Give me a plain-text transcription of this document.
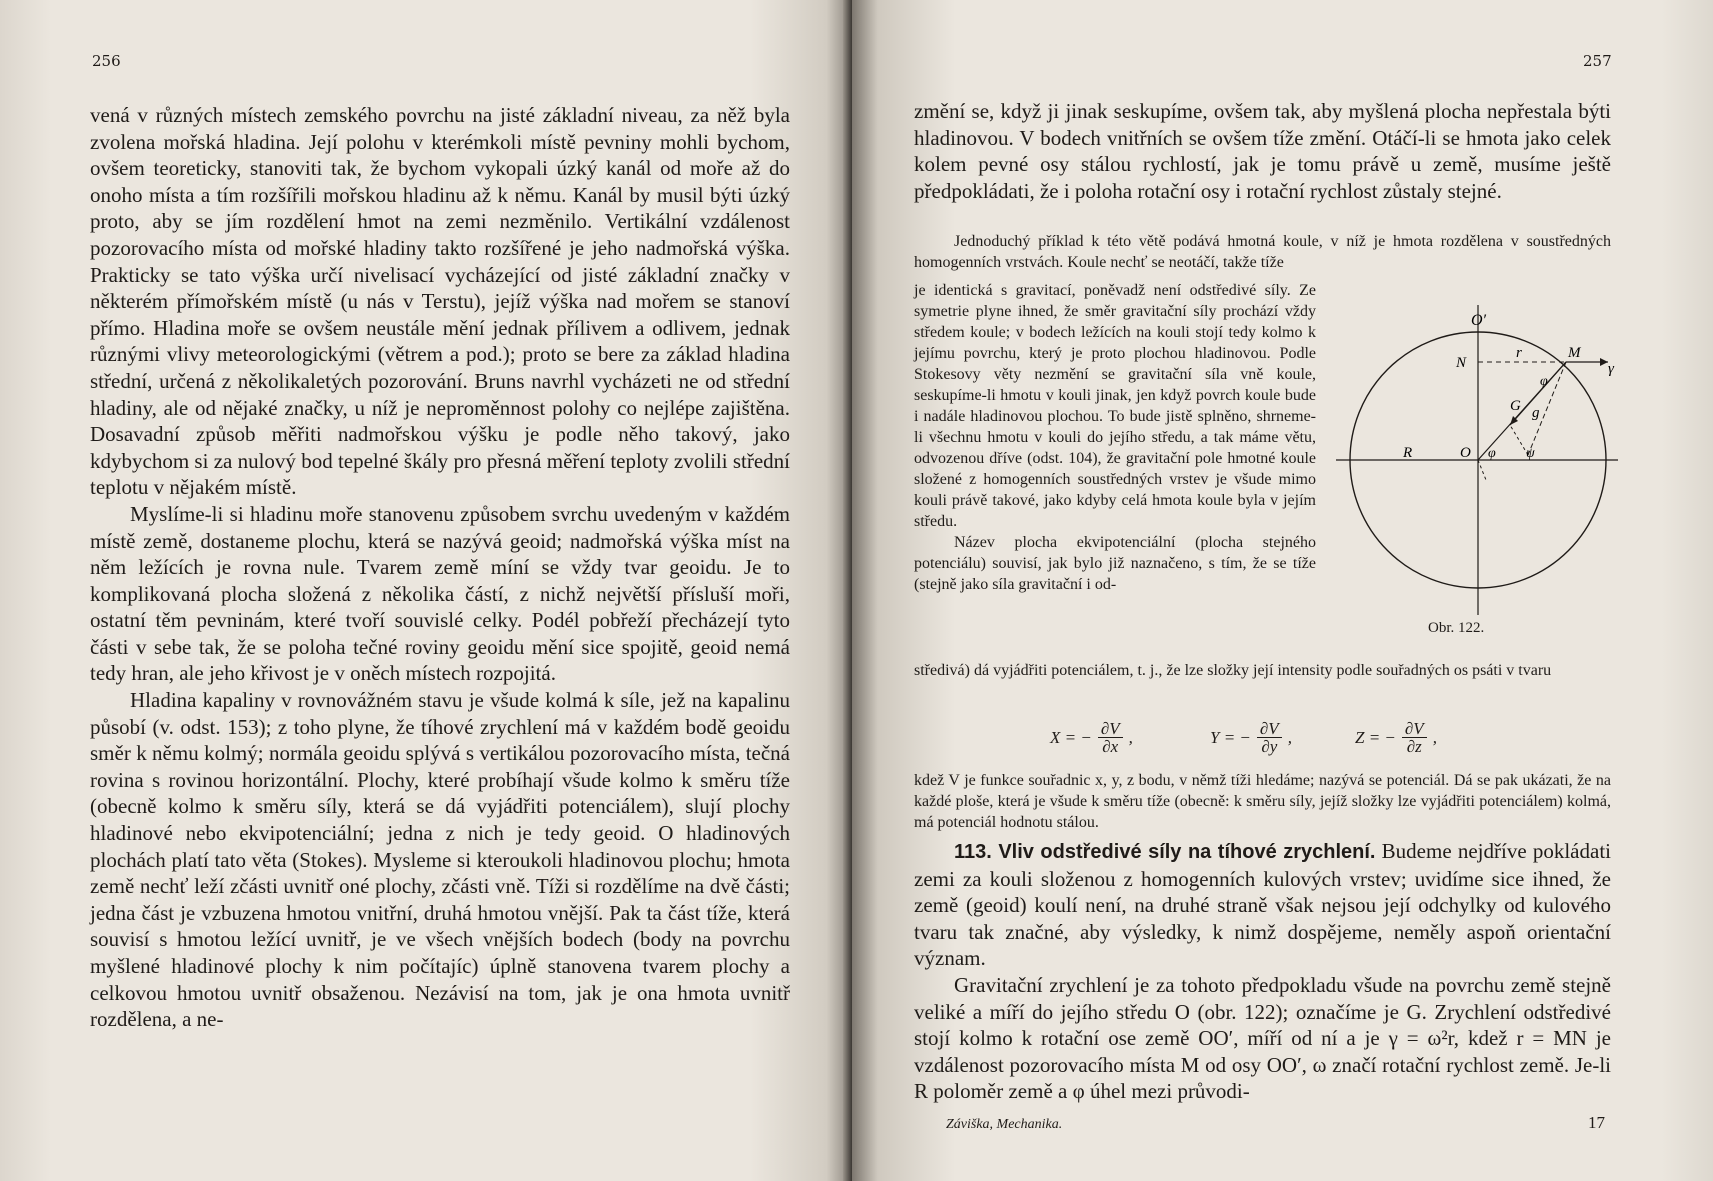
256

vená v různých místech zemského povrchu na jisté základní niveau, za něž byla zvolena mořská hladina. Její polohu v kterémkoli místě pevniny mohli bychom, ovšem teoreticky, stanoviti tak, že bychom vykopali úzký kanál od moře až do onoho místa a tím rozšířili mořskou hladinu až k němu. Kanál by musil býti úzký proto, aby se jím rozdělení hmot na zemi nezměnilo. Vertikální vzdálenost pozorovacího místa od mořské hladiny takto rozšířené je jeho nadmořská výška. Prakticky se tato výška určí nivelisací vycházející od jisté základní značky v některém přímořském místě (u nás v Terstu), jejíž výška nad mořem se stanoví přímo. Hladina moře se ovšem neustále mění jednak přílivem a odlivem, jednak různými vlivy meteorologickými (větrem a pod.); proto se bere za základ hladina střední, určená z několikaletých pozorování. Bruns navrhl vycházeti ne od střední hladiny, ale od nějaké značky, u níž je neproměnnost polohy co nejlépe zajištěna. Dosavadní způsob měřiti nadmořskou výšku je podle něho takový, jako kdybychom si za nulový bod tepelné škály pro přesná měření teploty zvolili střední teplotu v nějakém místě.

Myslíme-li si hladinu moře stanovenu způsobem svrchu uvedeným v každém místě země, dostaneme plochu, která se nazývá geoid; nadmořská výška míst na něm ležících je rovna nule. Tvarem země míní se vždy tvar geoidu. Je to komplikovaná plocha složená z několika částí, z nichž největší přísluší moři, ostatní těm pevninám, které tvoří souvislé celky. Podél pobřeží přecházejí tyto části v sebe tak, že se poloha tečné roviny geoidu mění sice spojitě, geoid nemá tedy hran, ale jeho křivost je v oněch místech rozpojitá.

Hladina kapaliny v rovnovážném stavu je všude kolmá k síle, jež na kapalinu působí (v. odst. 153); z toho plyne, že tíhové zrychlení má v každém bodě geoidu směr k němu kolmý; normála geoidu splývá s vertikálou pozorovacího místa, tečná rovina s rovinou horizontální. Plochy, které probíhají všude kolmo k směru tíže (obecně kolmo k směru síly, která se dá vyjádřiti potenciálem), slují plochy hladinové nebo ekvipotenciální; jedna z nich je tedy geoid. O hladinových plochách platí tato věta (Stokes). Mysleme si kteroukoli hladinovou plochu; hmota země nechť leží zčásti uvnitř oné plochy, zčásti vně. Tíži si rozdělíme na dvě části; jedna část je vzbuzena hmotou vnitřní, druhá hmotou vnější. Pak ta část tíže, která souvisí s hmotou ležící uvnitř, je ve všech vnějších bodech (body na povrchu myšlené hladinové plochy k nim počítajíc) úplně stanovena tvarem plochy a celkovou hmotou uvnitř obsaženou. Nezávisí na tom, jak je ona hmota uvnitř rozdělena, a ne-

257

změní se, když ji jinak seskupíme, ovšem tak, aby myšlená plocha nepřestala býti hladinovou. V bodech vnitřních se ovšem tíže změní. Otáčí-li se hmota jako celek kolem pevné osy stálou rychlostí, jak je tomu právě u země, musíme ještě předpokládati, že i poloha rotační osy i rotační rychlost zůstaly stejné.

Jednoduchý příklad k této větě podává hmotná koule, v níž je hmota rozdělena v soustředných homogenních vrstvách. Koule nechť se neotáčí, takže tíže

je identická s gravitací, poněvadž není odstředivé síly. Ze symetrie plyne ihned, že směr gravitační síly prochází vždy středem koule; v bodech ležících na kouli stojí tedy kolmo k jejímu povrchu, který je proto plochou hladinovou. Podle Stokesovy věty nezmění se gravitační síla vně koule, seskupíme-li hmotu v kouli jinak, jen když povrch koule bude i nadále hladinovou plochou. To bude jistě splněno, shrneme-li všechnu hmotu v kouli do jejího středu, a tak máme větu, odvozenou dříve (odst. 104), že gravitační pole hmotné koule složené z homogenních soustředných vrstev je všude mimo kouli právě takové, jako kdyby celá hmota koule byla v jejím středu.

Název plocha ekvipotenciální (plocha stejného potenciálu) souvisí, jak bylo již naznačeno, s tím, že se tíže (stejně jako síla gravitační i od-

středivá) dá vyjádřiti potenciálem, t. j., že lze složky její intensity podle souřadných os psáti v tvaru

X = − $\frac{\partial V}{\partial x}$ ,	Y = − $\frac{\partial V}{\partial y}$ ,	Z = − $\frac{\partial V}{\partial z}$ ,

kdež V je funkce souřadnic x, y, z bodu, v němž tíži hledáme; nazývá se potenciál. Dá se pak ukázati, že na každé ploše, která je všude k směru tíže (obecně: k směru síly, jejíž složky lze vyjádřiti potenciálem) kolmá, má potenciál hodnotu stálou.

113. Vliv odstředivé síly na tíhové zrychlení. Budeme nejdříve pokládati zemi za kouli složenou z homogenních kulových vrstev; uvidíme sice ihned, že země (geoid) koulí není, na druhé straně však nejsou její odchylky od kulového tvaru tak značné, aby výsledky, k nimž dospějeme, neměly aspoň orientační význam.

Gravitační zrychlení je za tohoto předpokladu všude na povrchu země stejně veliké a míří do jejího středu O (obr. 122); označíme je G. Zrychlení odstředivé stojí kolmo k rotační ose země OO′, míří od ní a je γ = ω²r, kdež r = MN je vzdálenost pozorovacího místa M od osy OO′, ω značí rotační rychlost země. Je-li R poloměr země a φ úhel mezi průvodi-

O′
N
r	M
γ
φ
G g
R	O φ ψ
Obr. 122.
Záviška, Mechanika.	17
